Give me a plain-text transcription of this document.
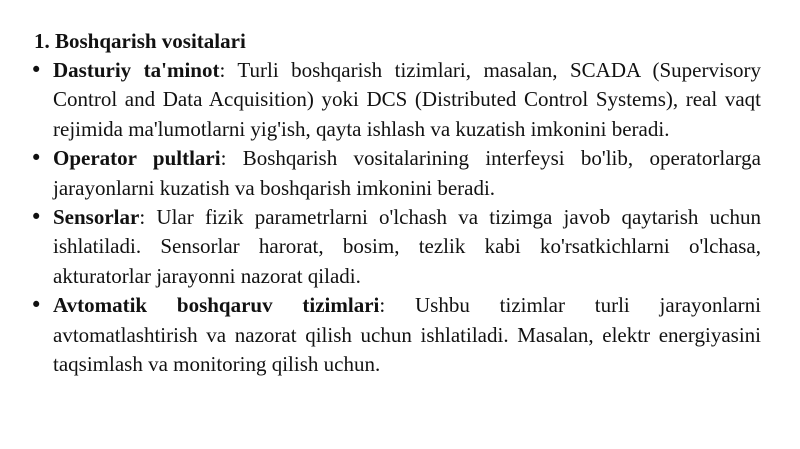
1. Boshqarish vositalari
• Dasturiy ta'minot: Turli boshqarish tizimlari, masalan, SCADA (Supervisory Control and Data Acquisition) yoki DCS (Distributed Control Systems), real vaqt rejimida ma'lumotlarni yig'ish, qayta ishlash va kuzatish imkonini beradi.
• Operator pultlari: Boshqarish vositalarining interfeysi bo'lib, operatorlarga jarayonlarni kuzatish va boshqarish imkonini beradi.
• Sensorlar: Ular fizik parametrlarni o'lchash va tizimga javob qaytarish uchun ishlatiladi. Sensorlar harorat, bosim, tezlik kabi ko'rsatkichlarni o'lchasa, akturatorlar jarayonni nazorat qiladi.
• Avtomatik boshqaruv tizimlari: Ushbu tizimlar turli jarayonlarni avtomatlashtirish va nazorat qilish uchun ishlatiladi. Masalan, elektr energiyasini taqsimlash va monitoring qilish uchun.
